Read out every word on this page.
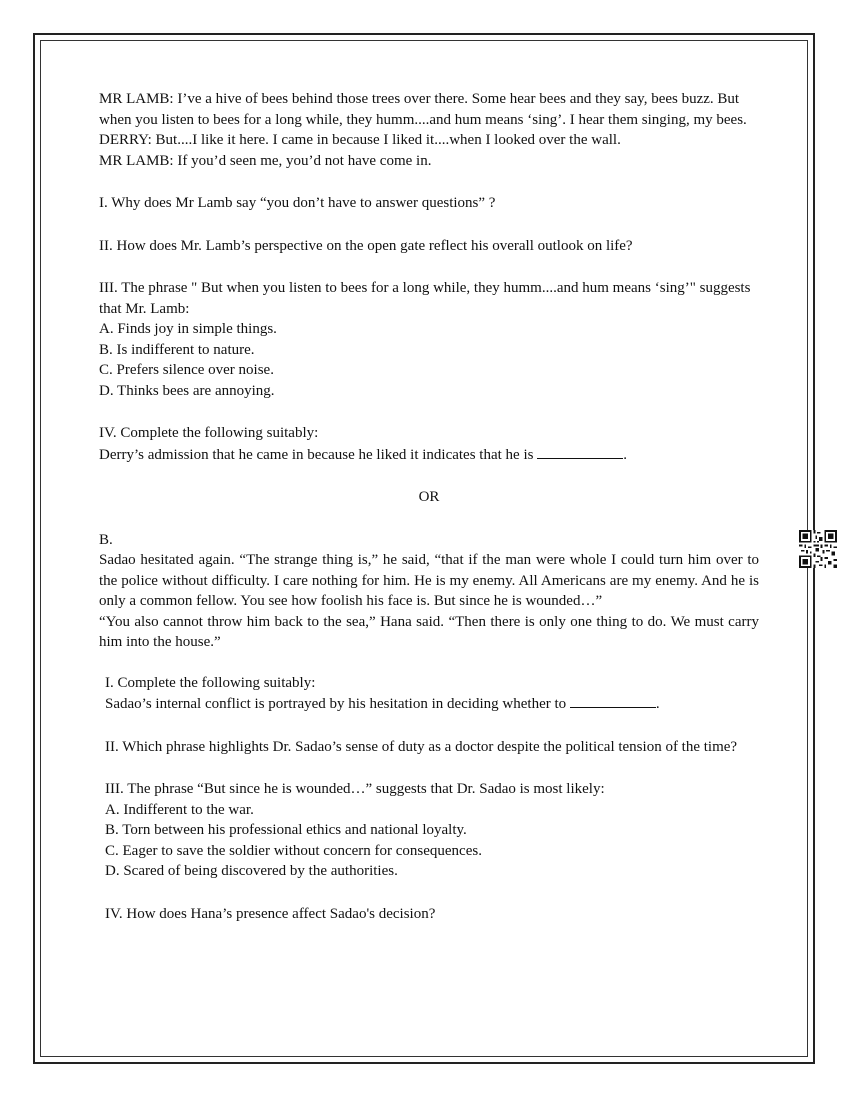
MR LAMB: I’ve a hive of bees behind those trees over there. Some hear bees and they say, bees buzz. But when you listen to bees for a long while, they humm....and hum means ‘sing’. I hear them singing, my bees.

DERRY: But....I like it here. I came in because I liked it....when I looked over the wall.

MR LAMB: If you’d seen me, you’d not have come in.

I. Why does Mr Lamb say “you don’t have to answer questions” ?

II. How does Mr. Lamb’s perspective on the open gate reflect his overall outlook on life?

III. The phrase " But when you listen to bees for a long while, they humm....and hum means ‘sing’" suggests that Mr. Lamb:

A. Finds joy in simple things.

B. Is indifferent to nature.

C. Prefers silence over noise.

D. Thinks bees are annoying.

IV. Complete the following suitably:

Derry’s admission that he came in because he liked it indicates that he is	.

OR

B.

Sadao hesitated again. “The strange thing is,” he said, “that if the man were whole I could turn him over to the police without difficulty. I care nothing for him. He is my enemy. All Americans are my enemy. And he is only a common fellow. You see how foolish his face is. But since he is wounded…”

“You also cannot throw him back to the sea,” Hana said. “Then there is only one thing to do. We must carry him into the house.”

I. Complete the following suitably:

Sadao’s internal conflict is portrayed by his hesitation in deciding whether to	.

II. Which phrase highlights Dr. Sadao’s sense of duty as a doctor despite the political tension of the time?

III. The phrase “But since he is wounded…” suggests that Dr. Sadao is most likely:

A. Indifferent to the war.

B. Torn between his professional ethics and national loyalty.

C. Eager to save the soldier without concern for consequences.

D. Scared of being discovered by the authorities.

IV. How does Hana’s presence affect Sadao's decision?
